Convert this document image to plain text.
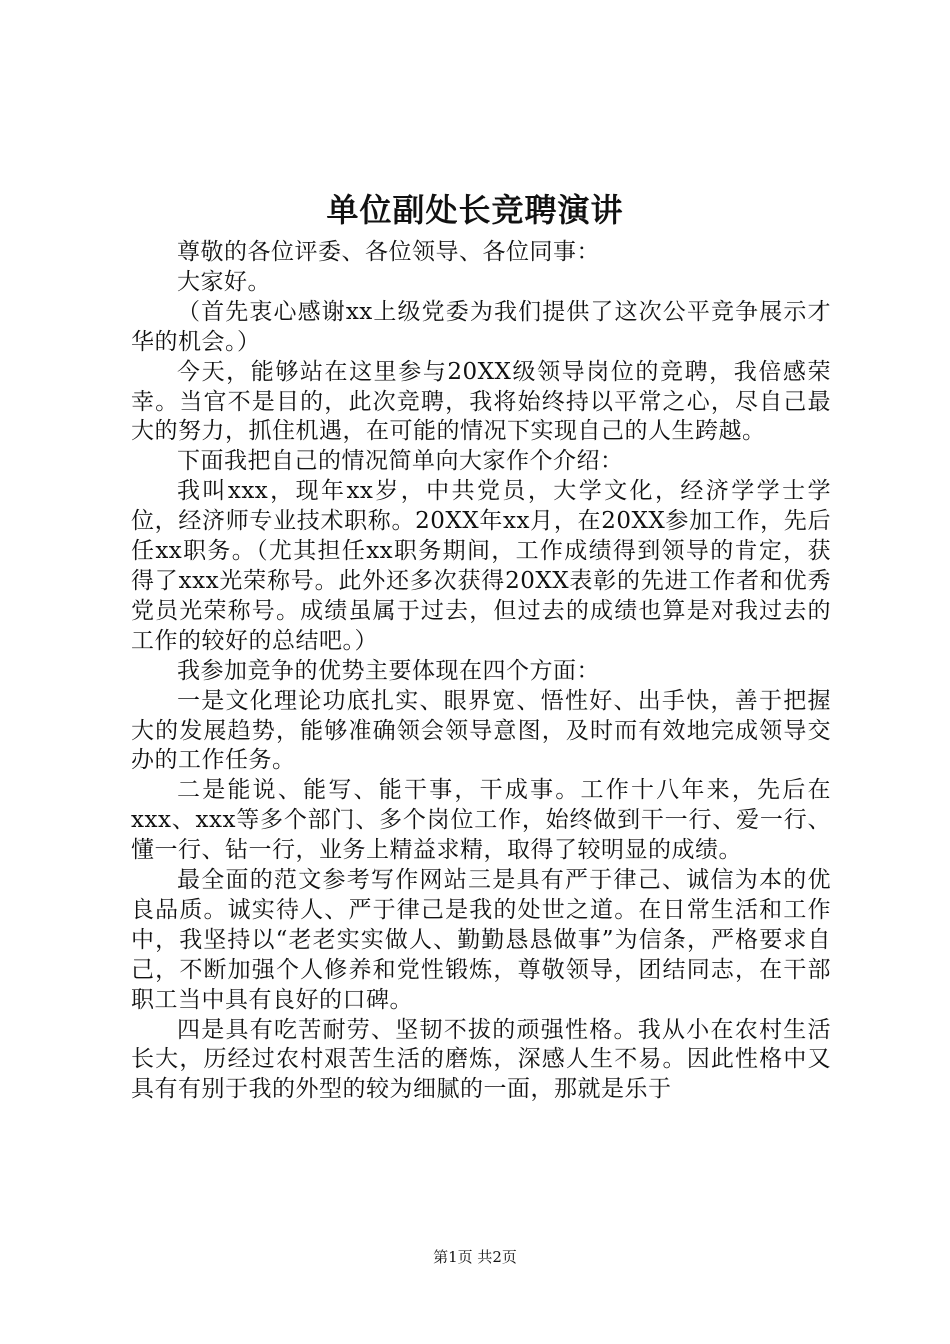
单位副处长竞聘演讲

尊敬的各位评委、各位领导、各位同事：

大家好。

（首先衷心感谢xx上级党委为我们提供了这次公平竞争展示才华的机会。）

今天，能够站在这里参与20XX级领导岗位的竞聘，我倍感荣幸。当官不是目的，此次竞聘，我将始终持以平常之心，尽自己最大的努力，抓住机遇，在可能的情况下实现自己的人生跨越。

下面我把自己的情况简单向大家作个介绍：

我叫xxx，现年xx岁，中共党员，大学文化，经济学学士学位，经济师专业技术职称。20XX年xx月，在20XX参加工作，先后任xx职务。（尤其担任xx职务期间，工作成绩得到领导的肯定，获得了xxx光荣称号。此外还多次获得20XX表彰的先进工作者和优秀党员光荣称号。成绩虽属于过去，但过去的成绩也算是对我过去的工作的较好的总结吧。）

我参加竞争的优势主要体现在四个方面：

一是文化理论功底扎实、眼界宽、悟性好、出手快，善于把握大的发展趋势，能够准确领会领导意图，及时而有效地完成领导交办的工作任务。

二是能说、能写、能干事，干成事。工作十八年来，先后在xxx、xxx等多个部门、多个岗位工作，始终做到干一行、爱一行、懂一行、钻一行，业务上精益求精，取得了较明显的成绩。

最全面的范文参考写作网站三是具有严于律己、诚信为本的优良品质。诚实待人、严于律己是我的处世之道。在日常生活和工作中，我坚持以“老老实实做人、勤勤恳恳做事”为信条，严格要求自己，不断加强个人修养和党性锻炼，尊敬领导，团结同志，在干部职工当中具有良好的口碑。

四是具有吃苦耐劳、坚韧不拔的顽强性格。我从小在农村生活长大，历经过农村艰苦生活的磨炼，深感人生不易。因此性格中又具有有别于我的外型的较为细腻的一面，那就是乐于

第1页 共2页
